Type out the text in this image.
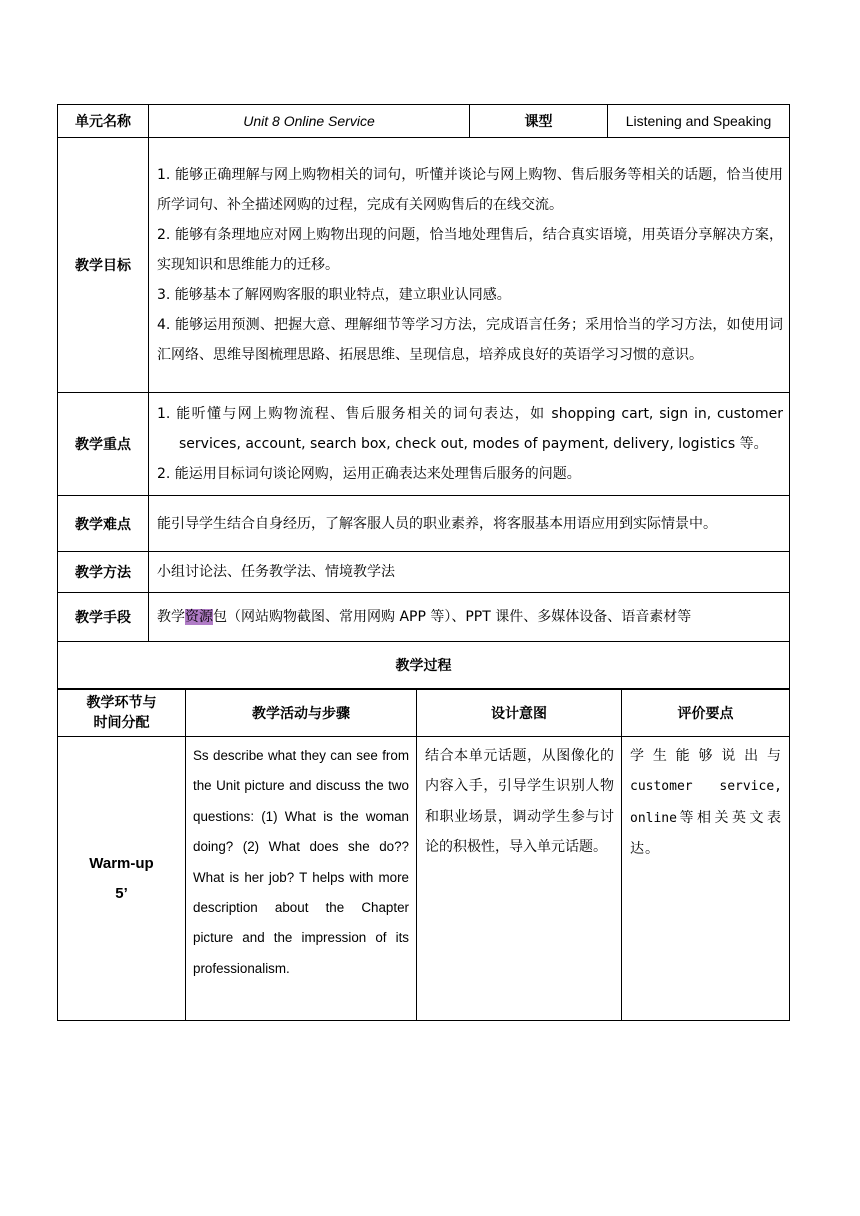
单元名称	Unit 8 Online Service	课型	Listening and Speaking
教学目标	1. 能够正确理解与网上购物相关的词句，听懂并谈论与网上购物、售后服务等相关的话题，恰当使用所学词句、补全描述网购的过程，完成有关网购售后的在线交流。
2. 能够有条理地应对网上购物出现的问题，恰当地处理售后，结合真实语境，用英语分享解决方案，实现知识和思维能力的迁移。
3. 能够基本了解网购客服的职业特点，建立职业认同感。
4. 能够运用预测、把握大意、理解细节等学习方法，完成语言任务；采用恰当的学习方法，如使用词汇网络、思维导图梳理思路、拓展思维、呈现信息，培养成良好的英语学习习惯的意识。		

教学重点	1. 能听懂与网上购物流程、售后服务相关的词句表达，如 shopping cart, sign in, customer services, account, search box, check out, modes of payment, delivery, logistics 等。
2. 能运用目标词句谈论网购，运用正确表达来处理售后服务的问题。		

教学难点	能引导学生结合自身经历，了解客服人员的职业素养，将客服基本用语应用到实际情景中。		
教学方法	小组讨论法、任务教学法、情境教学法		
教学手段	教学资源包（网站购物截图、常用网购 APP 等）、PPT 课件、多媒体设备、语音素材等		
教学过程			
教学环节与
时间分配	教学活动与步骤	设计意图	评价要点

Warm-up
5’	Ss describe what they can see from the Unit picture and discuss the two questions: (1) What is the woman doing? (2) What does she do??What is her job? T helps with more description about the Chapter picture and the impression of its professionalism.	结合本单元话题，从图像化的内容入手，引导学生识别人物和职业场景，调动学生参与讨论的积极性，导入单元话题。	学生能够说出与customer service, online等相关英文表达。
